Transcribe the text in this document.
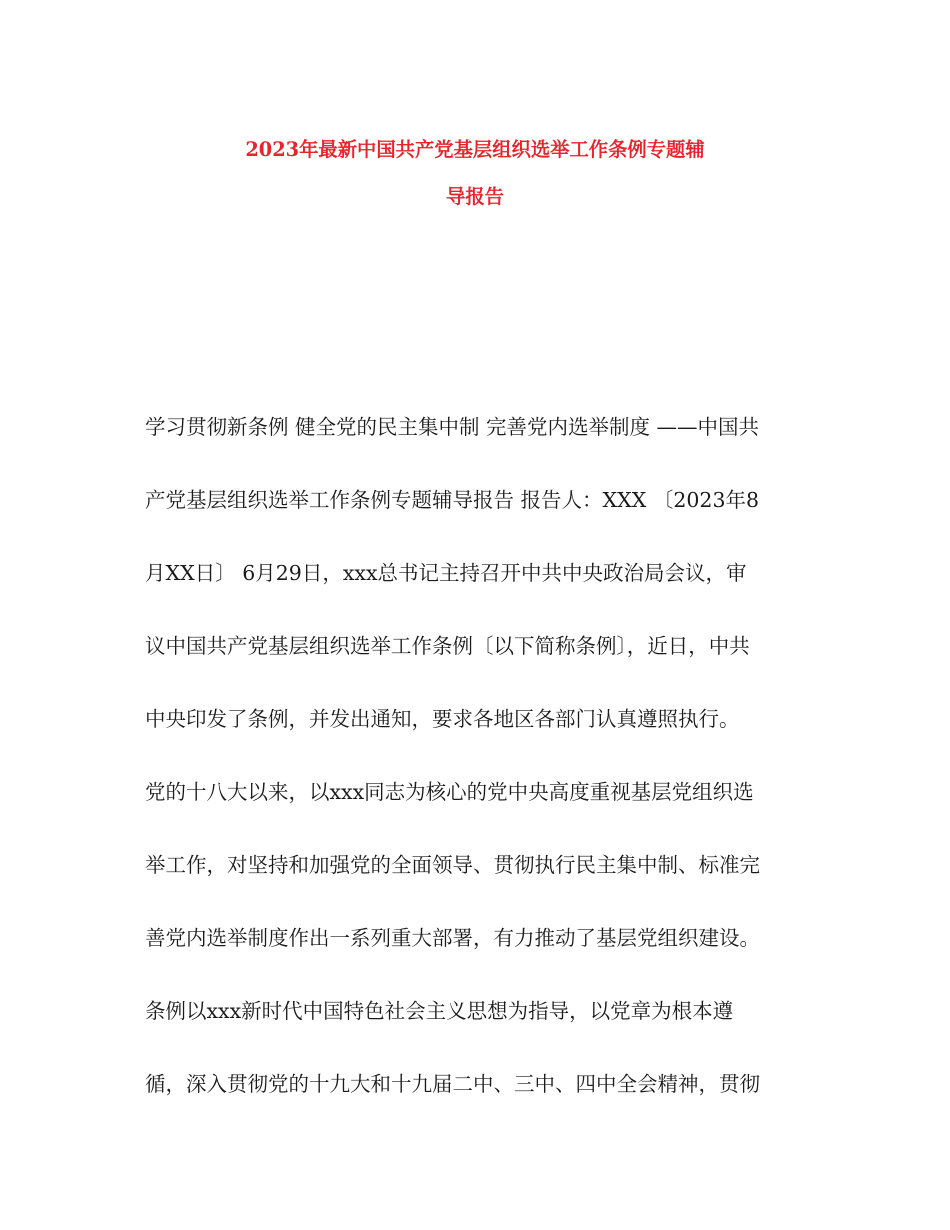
2023年最新中国共产党基层组织选举工作条例专题辅
导报告
学习贯彻新条例 健全党的民主集中制 完善党内选举制度 ——中国共
产党基层组织选举工作条例专题辅导报告 报告人：XXX 〔2023年8
月XX日〕 6月29日，xxx总书记主持召开中共中央政治局会议，审
议中国共产党基层组织选举工作条例〔以下简称条例〕，近日，中共
中央印发了条例，并发出通知，要求各地区各部门认真遵照执行。
党的十八大以来，以xxx同志为核心的党中央高度重视基层党组织选
举工作，对坚持和加强党的全面领导、贯彻执行民主集中制、标准完
善党内选举制度作出一系列重大部署，有力推动了基层党组织建设。
条例以xxx新时代中国特色社会主义思想为指导，以党章为根本遵
循，深入贯彻党的十九大和十九届二中、三中、四中全会精神，贯彻
